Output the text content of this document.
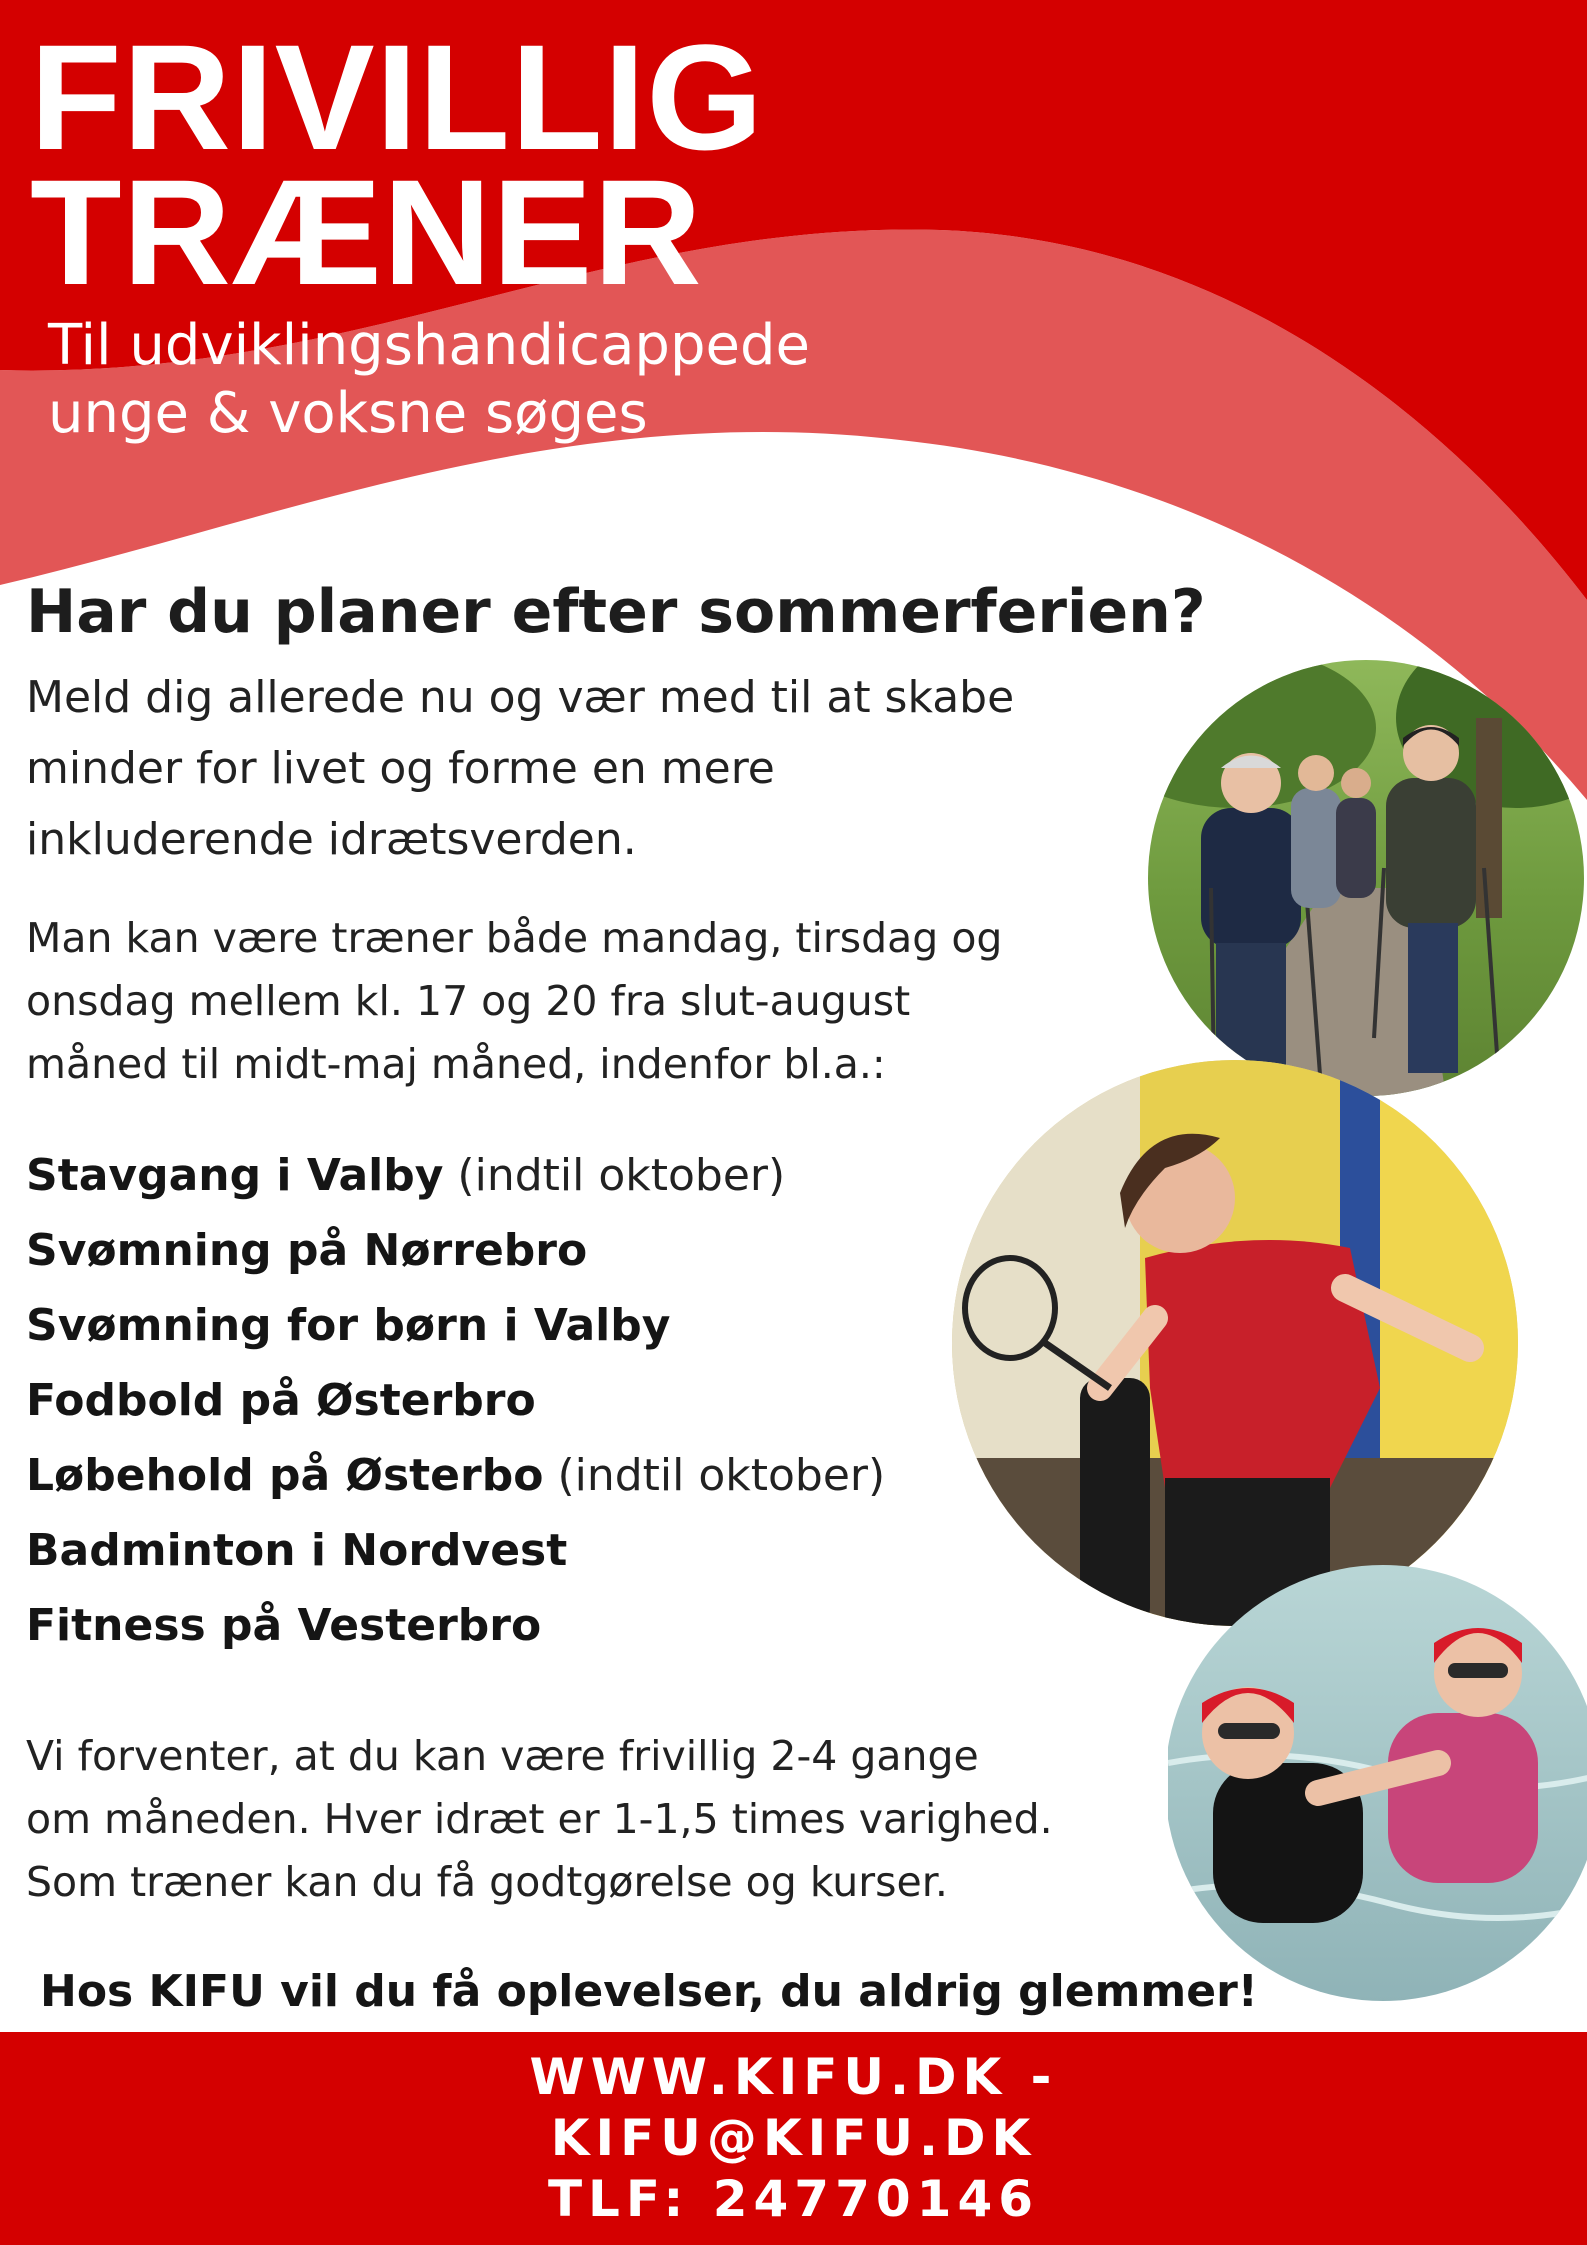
FRIVILLIG
TRÆNER
Til udviklingshandicappede
unge & voksne søges
Har du planer efter sommerferien?
Meld dig allerede nu og vær med til at skabe
minder for livet og forme en mere
inkluderende idrætsverden.
Man kan være træner både mandag, tirsdag og
onsdag mellem kl. 17 og 20 fra slut-august
måned til midt-maj måned, indenfor bl.a.:
Stavgang i Valby (indtil oktober)
Svømning på Nørrebro
Svømning for børn i Valby
Fodbold på Østerbro
Løbehold på Østerbo (indtil oktober)
Badminton i Nordvest
Fitness på Vesterbro
Vi forventer, at du kan være frivillig 2-4 gange
om måneden. Hver idræt er 1-1,5 times varighed.
Som træner kan du få godtgørelse og kurser.
Hos KIFU vil du få oplevelser, du aldrig glemmer!
WWW.KIFU.DK -
KIFU@KIFU.DK
TLF: 24770146
